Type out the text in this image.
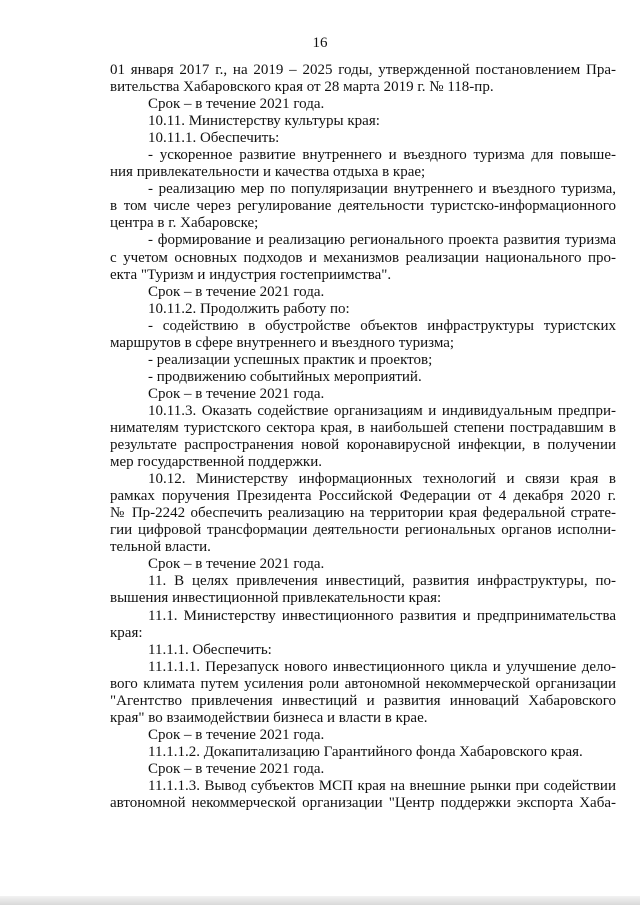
16

01 января 2017 г., на 2019 – 2025 годы, утвержденной постановлением Пра-

вительства Хабаровского края от 28 марта 2019 г. № 118-пр.

Срок – в течение 2021 года.

10.11. Министерству культуры края:

10.11.1. Обеспечить:

- ускоренное развитие внутреннего и въездного туризма для повыше-

ния привлекательности и качества отдыха в крае;

- реализацию мер по популяризации внутреннего и въездного туризма,

в том числе через регулирование деятельности туристско-информационного

центра в г. Хабаровске;

- формирование и реализацию регионального проекта развития туризма

с учетом основных подходов и механизмов реализации национального про-

екта "Туризм и индустрия гостеприимства".

Срок – в течение 2021 года.

10.11.2. Продолжить работу по:

- содействию в обустройстве объектов инфраструктуры туристских

маршрутов в сфере внутреннего и въездного туризма;

- реализации успешных практик и проектов;

- продвижению событийных мероприятий.

Срок – в течение 2021 года.

10.11.3. Оказать содействие организациям и индивидуальным предпри-

нимателям туристского сектора края, в наибольшей степени пострадавшим в

результате распространения новой коронавирусной инфекции, в получении

мер государственной поддержки.

10.12. Министерству информационных технологий и связи края в

рамках поручения Президента Российской Федерации от 4 декабря 2020 г.

№ Пр-2242 обеспечить реализацию на территории края федеральной страте-

гии цифровой трансформации деятельности региональных органов исполни-

тельной власти.

Срок – в течение 2021 года.

11. В целях привлечения инвестиций, развития инфраструктуры, по-

вышения инвестиционной привлекательности края:

11.1. Министерству инвестиционного развития и предпринимательства

края:

11.1.1. Обеспечить:

11.1.1.1. Перезапуск нового инвестиционного цикла и улучшение дело-

вого климата путем усиления роли автономной некоммерческой организации

"Агентство привлечения инвестиций и развития инноваций Хабаровского

края" во взаимодействии бизнеса и власти в крае.

Срок – в течение 2021 года.

11.1.1.2. Докапитализацию Гарантийного фонда Хабаровского края.

Срок – в течение 2021 года.

11.1.1.3. Вывод субъектов МСП края на внешние рынки при содействии

автономной некоммерческой организации "Центр поддержки экспорта Хаба-
